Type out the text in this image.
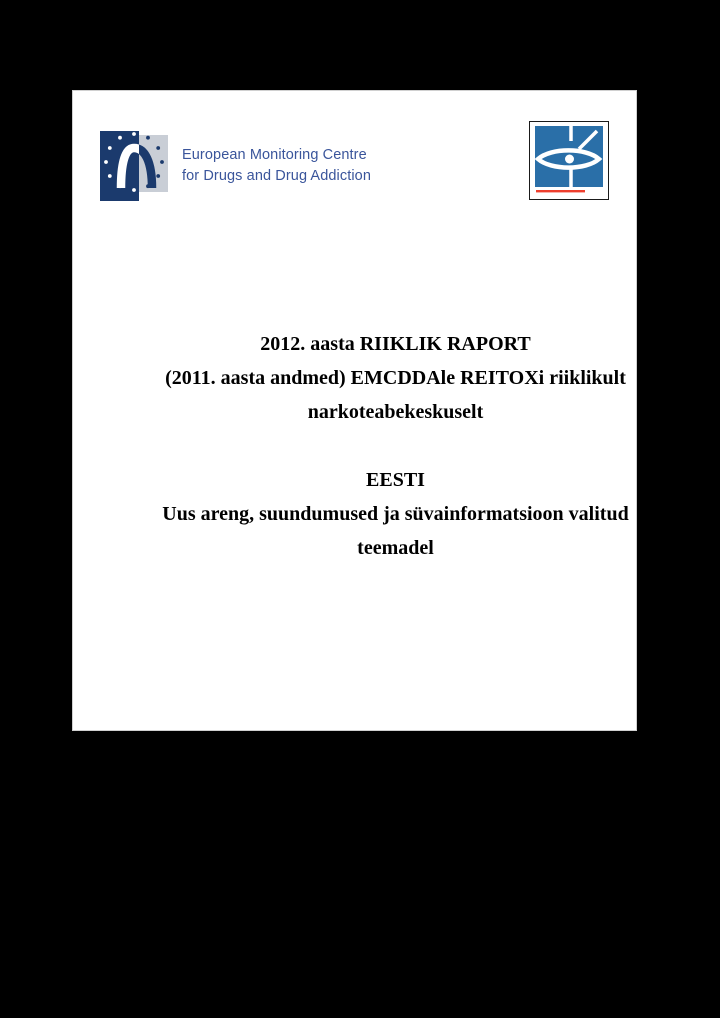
European Monitoring Centre
for Drugs and Drug Addiction
2012. aasta RIIKLIK RAPORT
(2011. aasta andmed) EMCDDAle REITOXi riiklikult
narkoteabekeskuselt
EESTI
Uus areng, suundumused ja süvainformatsioon valitud
teemadel
